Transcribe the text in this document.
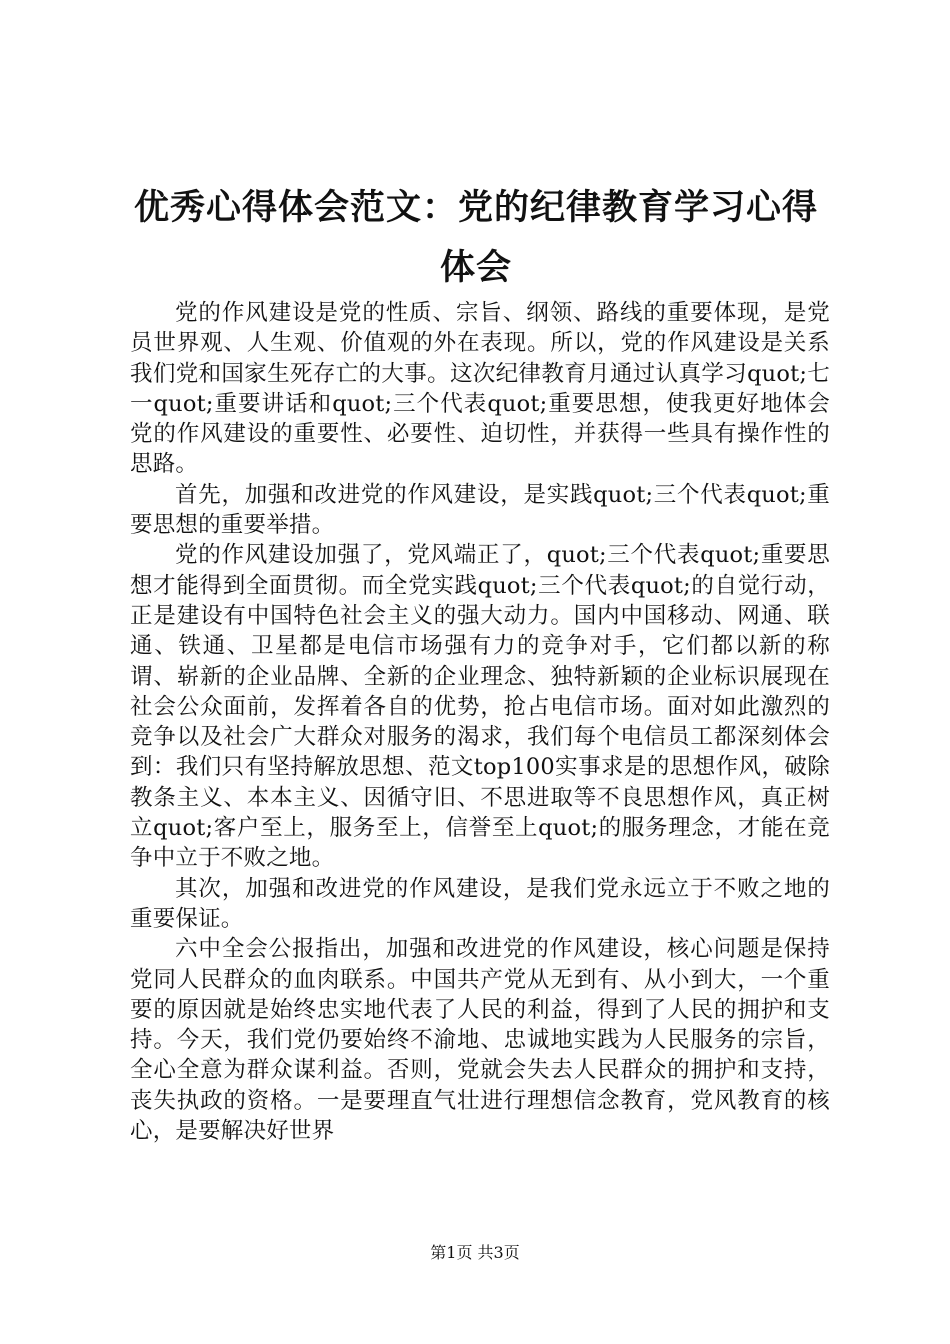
优秀心得体会范文：党的纪律教育学习心得体会

党的作风建设是党的性质、宗旨、纲领、路线的重要体现，是党员世界观、人生观、价值观的外在表现。所以，党的作风建设是关系我们党和国家生死存亡的大事。这次纪律教育月通过认真学习quot;七一quot;重要讲话和quot;三个代表quot;重要思想，使我更好地体会党的作风建设的重要性、必要性、迫切性，并获得一些具有操作性的思路。

首先，加强和改进党的作风建设，是实践quot;三个代表quot;重要思想的重要举措。

党的作风建设加强了，党风端正了，quot;三个代表quot;重要思想才能得到全面贯彻。而全党实践quot;三个代表quot;的自觉行动，正是建设有中国特色社会主义的强大动力。国内中国移动、网通、联通、铁通、卫星都是电信市场强有力的竞争对手，它们都以新的称谓、崭新的企业品牌、全新的企业理念、独特新颖的企业标识展现在社会公众面前，发挥着各自的优势，抢占电信市场。面对如此激烈的竞争以及社会广大群众对服务的渴求，我们每个电信员工都深刻体会到：我们只有坚持解放思想、范文top100实事求是的思想作风，破除教条主义、本本主义、因循守旧、不思进取等不良思想作风，真正树立quot;客户至上，服务至上，信誉至上quot;的服务理念，才能在竞争中立于不败之地。

其次，加强和改进党的作风建设，是我们党永远立于不败之地的重要保证。

六中全会公报指出，加强和改进党的作风建设，核心问题是保持党同人民群众的血肉联系。中国共产党从无到有、从小到大，一个重要的原因就是始终忠实地代表了人民的利益，得到了人民的拥护和支持。今天，我们党仍要始终不渝地、忠诚地实践为人民服务的宗旨，全心全意为群众谋利益。否则，党就会失去人民群众的拥护和支持，丧失执政的资格。一是要理直气壮进行理想信念教育，党风教育的核心，是要解决好世界

第1页 共3页
